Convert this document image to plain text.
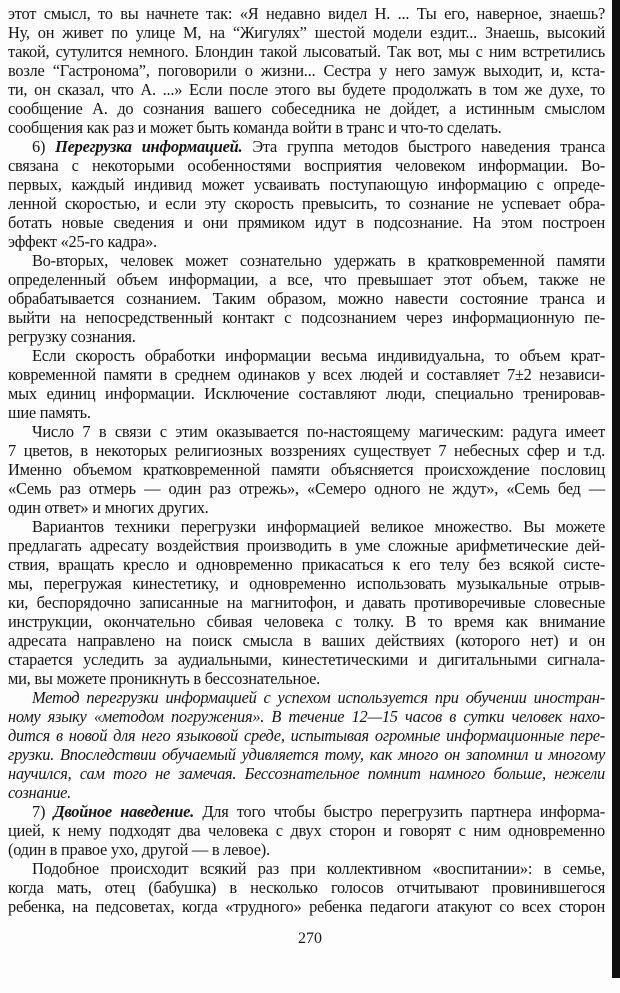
этот смысл, то вы начнете так: «Я недавно видел Н. ... Ты его, наверное, знаешь?
Ну, он живет по улице М, на “Жигулях” шестой модели ездит... Знаешь, высокий
такой, сутулится немного. Блондин такой лысоватый. Так вот, мы с ним встретились
возле “Гастронома”, поговорили о жизни... Сестра у него замуж выходит, и, кста-
ти, он сказал, что А. ...» Если после этого вы будете продолжать в том же духе, то
сообщение А. до сознания вашего собеседника не дойдет, а истинным смыслом
сообщения как раз и может быть команда войти в транс и что-то сделать.
6) Перегрузка информацией. Эта группа методов быстрого наведения транса
связана с некоторыми особенностями восприятия человеком информации. Во-
первых, каждый индивид может усваивать поступающую информацию с опреде-
ленной скоростью, и если эту скорость превысить, то сознание не успевает обра-
ботать новые сведения и они прямиком идут в подсознание. На этом построен
эффект «25-го кадра».
Во-вторых, человек может сознательно удержать в кратковременной памяти
определенный объем информации, а все, что превышает этот объем, также не
обрабатывается сознанием. Таким образом, можно навести состояние транса и
выйти на непосредственный контакт с подсознанием через информационную пе-
регрузку сознания.
Если скорость обработки информации весьма индивидуальна, то объем крат-
ковременной памяти в среднем одинаков у всех людей и составляет 7±2 независи-
мых единиц информации. Исключение составляют люди, специально тренировав-
шие память.
Число 7 в связи с этим оказывается по-настоящему магическим: радуга имеет
7 цветов, в некоторых религиозных воззрениях существует 7 небесных сфер и т.д.
Именно объемом кратковременной памяти объясняется происхождение пословиц
«Семь раз отмерь — один раз отрежь», «Семеро одного не ждут», «Семь бед —
один ответ» и многих других.
Вариантов техники перегрузки информацией великое множество. Вы можете
предлагать адресату воздействия производить в уме сложные арифметические дей-
ствия, вращать кресло и одновременно прикасаться к его телу без всякой систе-
мы, перегружая кинестетику, и одновременно использовать музыкальные отрыв-
ки, беспорядочно записанные на магнитофон, и давать противоречивые словесные
инструкции, окончательно сбивая человека с толку. В то время как внимание
адресата направлено на поиск смысла в ваших действиях (которого нет) и он
старается уследить за аудиальными, кинестетическими и дигитальными сигнала-
ми, вы можете проникнуть в бессознательное.
Метод перегрузки информацией с успехом используется при обучении иностран-
ному языку «методом погружения». В течение 12—15 часов в сутки человек нахо-
дится в новой для него языковой среде, испытывая огромные информационные пере-
грузки. Впоследствии обучаемый удивляется тому, как много он запомнил и многому
научился, сам того не замечая. Бессознательное помнит намного больше, нежели
сознание.
7) Двойное наведение. Для того чтобы быстро перегрузить партнера информа-
цией, к нему подходят два человека с двух сторон и говорят с ним одновременно
(один в правое ухо, другой — в левое).
Подобное происходит всякий раз при коллективном «воспитании»: в семье,
когда мать, отец (бабушка) в несколько голосов отчитывают провинившегося
ребенка, на педсоветах, когда «трудного» ребенка педагоги атакуют со всех сторон
270
